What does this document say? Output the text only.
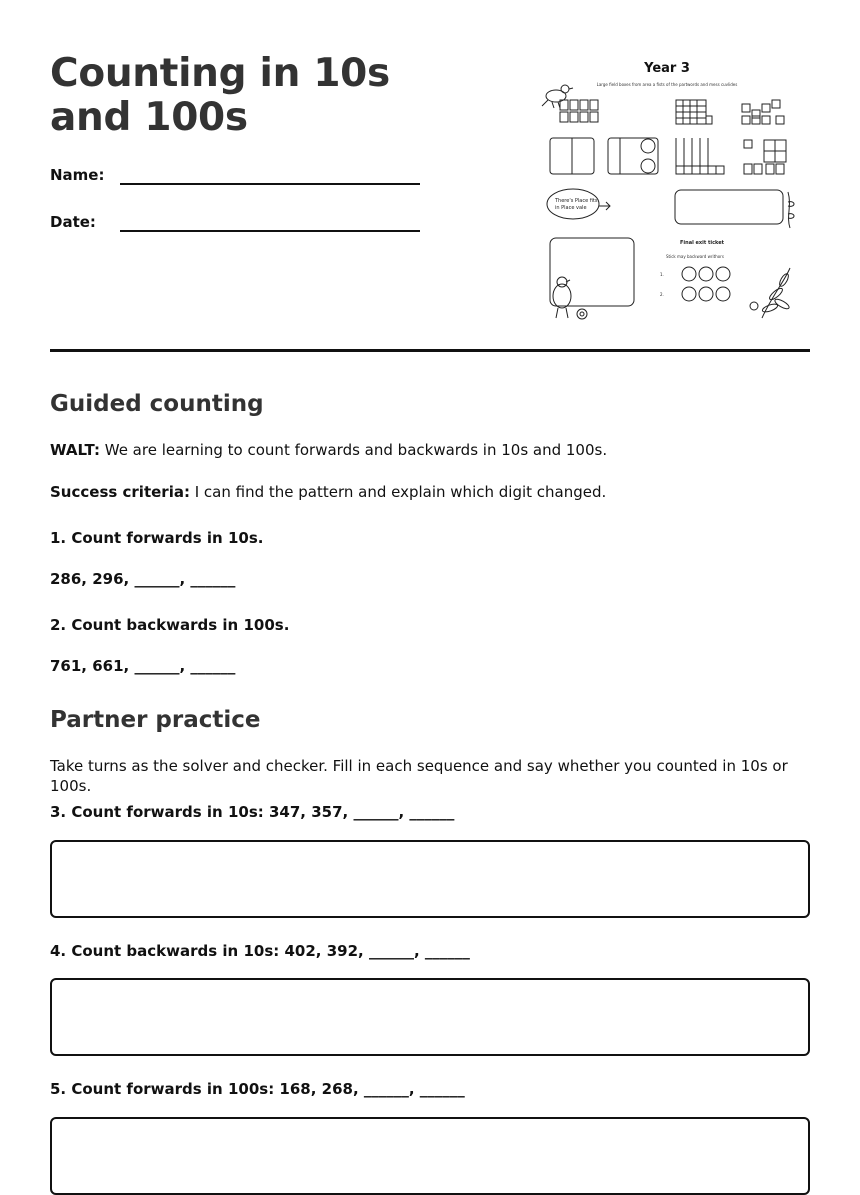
Counting in 10s and 100s
Name:
Date:
Year 3
Large field boxes from area a fists of the partwords and mess cuvlides
There's Place fits
in Place vale
Final exit ticket
Stick may backward writhors
1.
2.
Guided counting

WALT: We are learning to count forwards and backwards in 10s and 100s.

Success criteria: I can find the pattern and explain which digit changed.

1. Count forwards in 10s.

286, 296, ______, ______

2. Count backwards in 100s.

761, 661, ______, ______

Partner practice

Take turns as the solver and checker. Fill in each sequence and say whether you counted in 10s or 100s.

3. Count forwards in 10s: 347, 357, ______, ______

4. Count backwards in 10s: 402, 392, ______, ______

5. Count forwards in 100s: 168, 268, ______, ______
